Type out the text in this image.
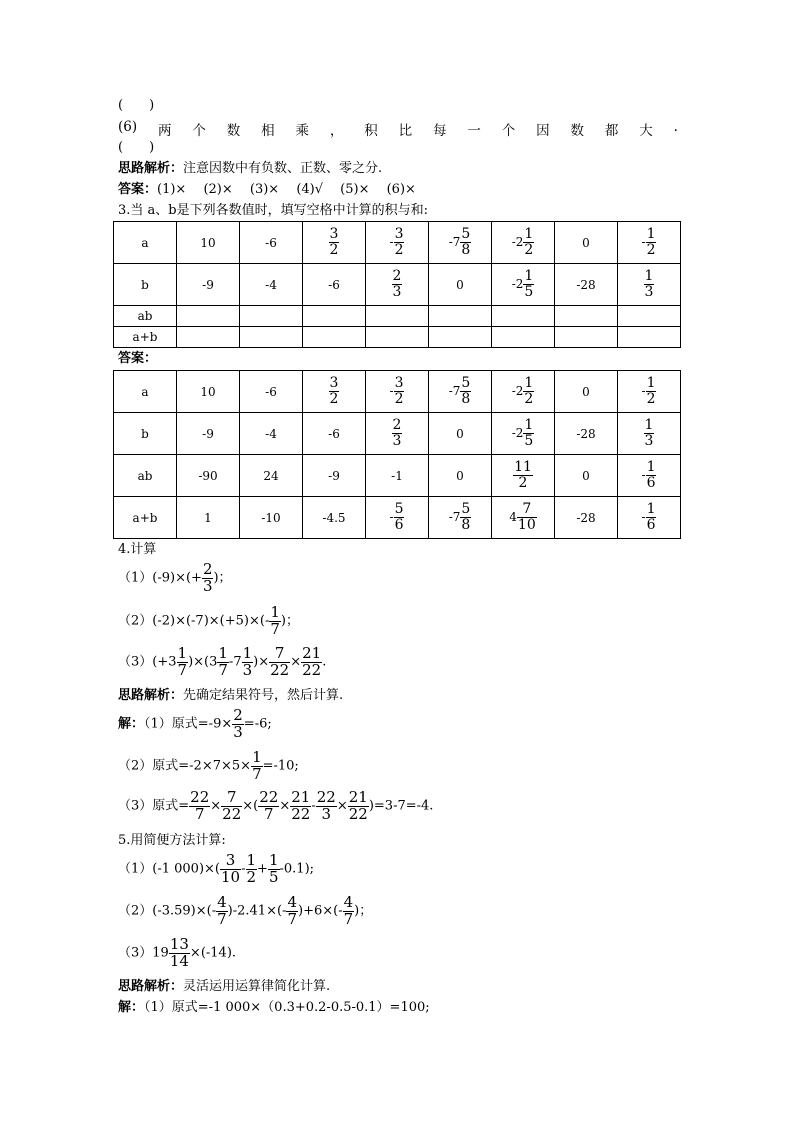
(　　)
(6) 两 个 数 相 乘 ， 积 比 每 一 个 因 数 都 大 .
(　　)
思路解析：注意因数中有负数、正数、零之分.
答案：(1)×　 (2)×　 (3)×　 (4)√　 (5)×　 (6)×
3.当 a、b是下列各数值时，填写空格中计算的积与和:
a	10	-6	$\frac{3}{2}$	- $\frac{3}{2}$	$-7 \frac{5}{8}$	$-2 \frac{1}{2}$	0	- $\frac{1}{2}$

b	-9	-4	-6	$\frac{2}{3}$	0	$-2 \frac{1}{5}$	-28	$\frac{1}{3}$

ab								
a+b								
答案：
a	10	-6	$\frac{3}{2}$	- $\frac{3}{2}$	$-7 \frac{5}{8}$	$-2 \frac{1}{2}$	0	- $\frac{1}{2}$

b	-9	-4	-6	$\frac{2}{3}$	0	$-2 \frac{1}{5}$	-28	$\frac{1}{3}$

ab	-90	24	-9	-1	0	$\frac{11}{2}$	0	- $\frac{1}{6}$

a+b	1	-10	-4.5	- $\frac{5}{6}$	$-7 \frac{5}{8}$	$4 \frac{7}{10}$	-28	- $\frac{1}{6}$
4.计算
$(1)(-9)\times(+ \frac{2}{3}$ )；
$(2)(-2)\times(-7)\times(+5)\times(- \frac{1}{7}$ )；
$(3)(+3 \frac{1}{7} )\times(3 \frac{1}{7} -7 \frac{1}{3}$ )× $\frac{7}{22} \times \frac{21}{22}$ .
思路解析：先确定结果符号，然后计算.
解：（1）原式$=-9\times \frac{2}{3} =-6$;
（2）原式$=-2\times 7\times 5\times \frac{1}{7} =-10$;
（3）原式= $\frac{22}{7} \times \frac{7}{22}$ ×( $\frac{22}{7} \times \frac{21}{22} - \frac{22}{3} \times \frac{21}{22} )=3-7=-4$.
5.用简便方法计算:
（1）(-1 $000)\times( \frac{3}{10} - \frac{1}{2} + \frac{1}{5} -0.1)$;
$(2)(-3.59)\times(- \frac{4}{7} )-2.41\times(- \frac{4}{7} )+6\times(- \frac{4}{7}$ )；
$(3)19 \frac{13}{14} \times(-14)$.
思路解析：灵活运用运算律简化计算.
解：（1）原式=-1 000×（0.3+0.2-0.5-0.1）=100;
